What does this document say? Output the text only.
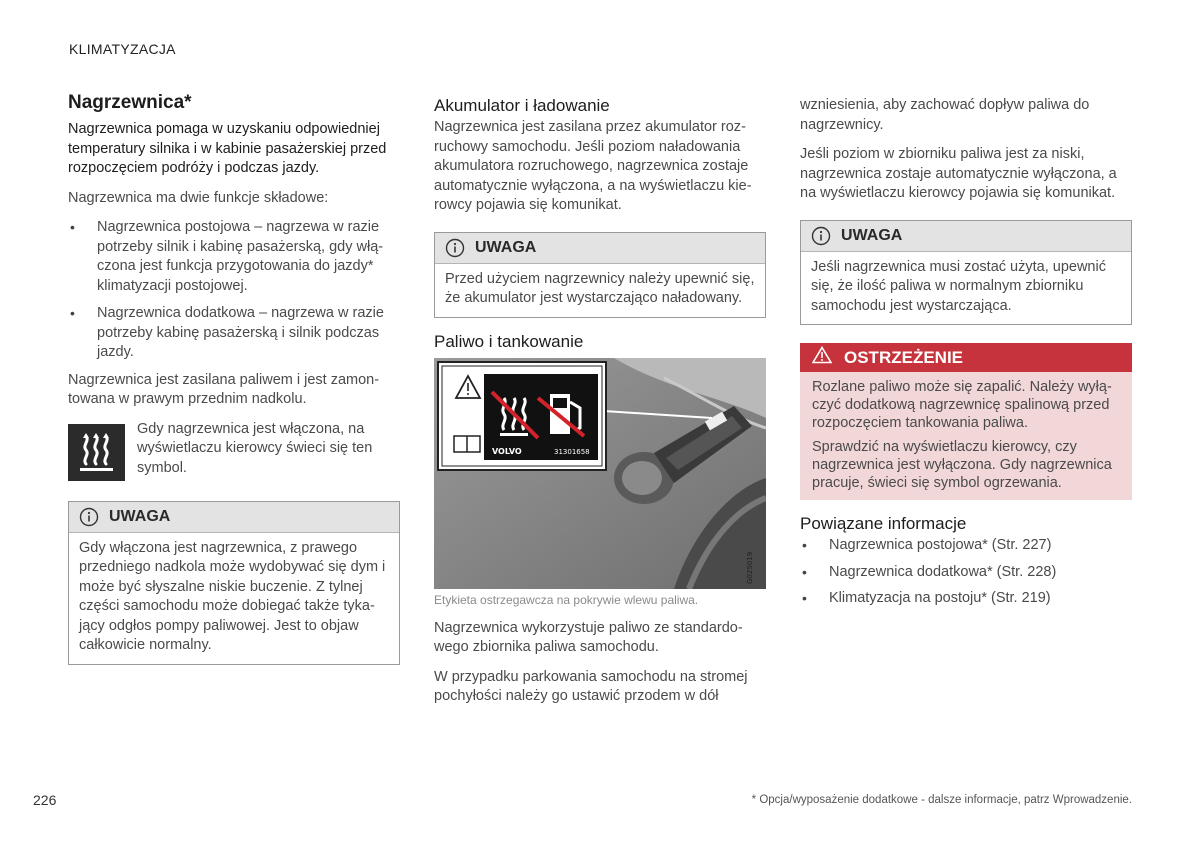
KLIMATYZACJA
Nagrzewnica*

Nagrzewnica pomaga w uzyskaniu odpowiedniej temperatury silnika i w kabinie pasażerskiej przed rozpoczęciem podróży i podczas jazdy.

Nagrzewnica ma dwie funkcje składowe:

• Nagrzewnica postojowa – nagrzewa w razie potrzeby silnik i kabinę pasażerską, gdy włączona jest funkcja przygotowania do jazdy* klimatyzacji postojowej.
• Nagrzewnica dodatkowa – nagrzewa w razie potrzeby kabinę pasażerską i silnik podczas jazdy.

Nagrzewnica jest zasilana paliwem i jest zamontowana w prawym przednim nadkolu.

Gdy nagrzewnica jest włączona, na wyświetlaczu kierowcy świeci się ten symbol.

UWAGA

Gdy włączona jest nagrzewnica, z prawego przedniego nadkola może wydobywać się dym i może być słyszalne niskie buczenie. Z tylnej części samochodu może dobiegać także tykający odgłos pompy paliwowej. Jest to objaw całkowicie normalny.

Akumulator i ładowanie

Nagrzewnica jest zasilana przez akumulator rozruchowy samochodu. Jeśli poziom naładowania akumulatora rozruchowego, nagrzewnica zostaje automatycznie wyłączona, a na wyświetlaczu kierowcy pojawia się komunikat.

UWAGA

Przed użyciem nagrzewnicy należy upewnić się, że akumulator jest wystarczająco naładowany.

Paliwo i tankowanie
VOLVO	31301658
G025019
Etykieta ostrzegawcza na pokrywie wlewu paliwa.

Nagrzewnica wykorzystuje paliwo ze standardowego zbiornika paliwa samochodu.

W przypadku parkowania samochodu na stromej pochyłości należy go ustawić przodem w dół

wzniesienia, aby zachować dopływ paliwa do nagrzewnicy.

Jeśli poziom w zbiorniku paliwa jest za niski, nagrzewnica zostaje automatycznie wyłączona, a na wyświetlaczu kierowcy pojawia się komunikat.

UWAGA

Jeśli nagrzewnica musi zostać użyta, upewnić się, że ilość paliwa w normalnym zbiorniku samochodu jest wystarczająca.

OSTRZEŻENIE

Rozlane paliwo może się zapalić. Należy wyłączyć dodatkową nagrzewnicę spalinową przed rozpoczęciem tankowania paliwa.

Sprawdzić na wyświetlaczu kierowcy, czy nagrzewnica jest wyłączona. Gdy nagrzewnica pracuje, świeci się symbol ogrzewania.

Powiązane informacje
• Nagrzewnica postojowa* (Str. 227)
• Nagrzewnica dodatkowa* (Str. 228)
• Klimatyzacja na postoju* (Str. 219)
226	* Opcja/wyposażenie dodatkowe - dalsze informacje, patrz Wprowadzenie.
